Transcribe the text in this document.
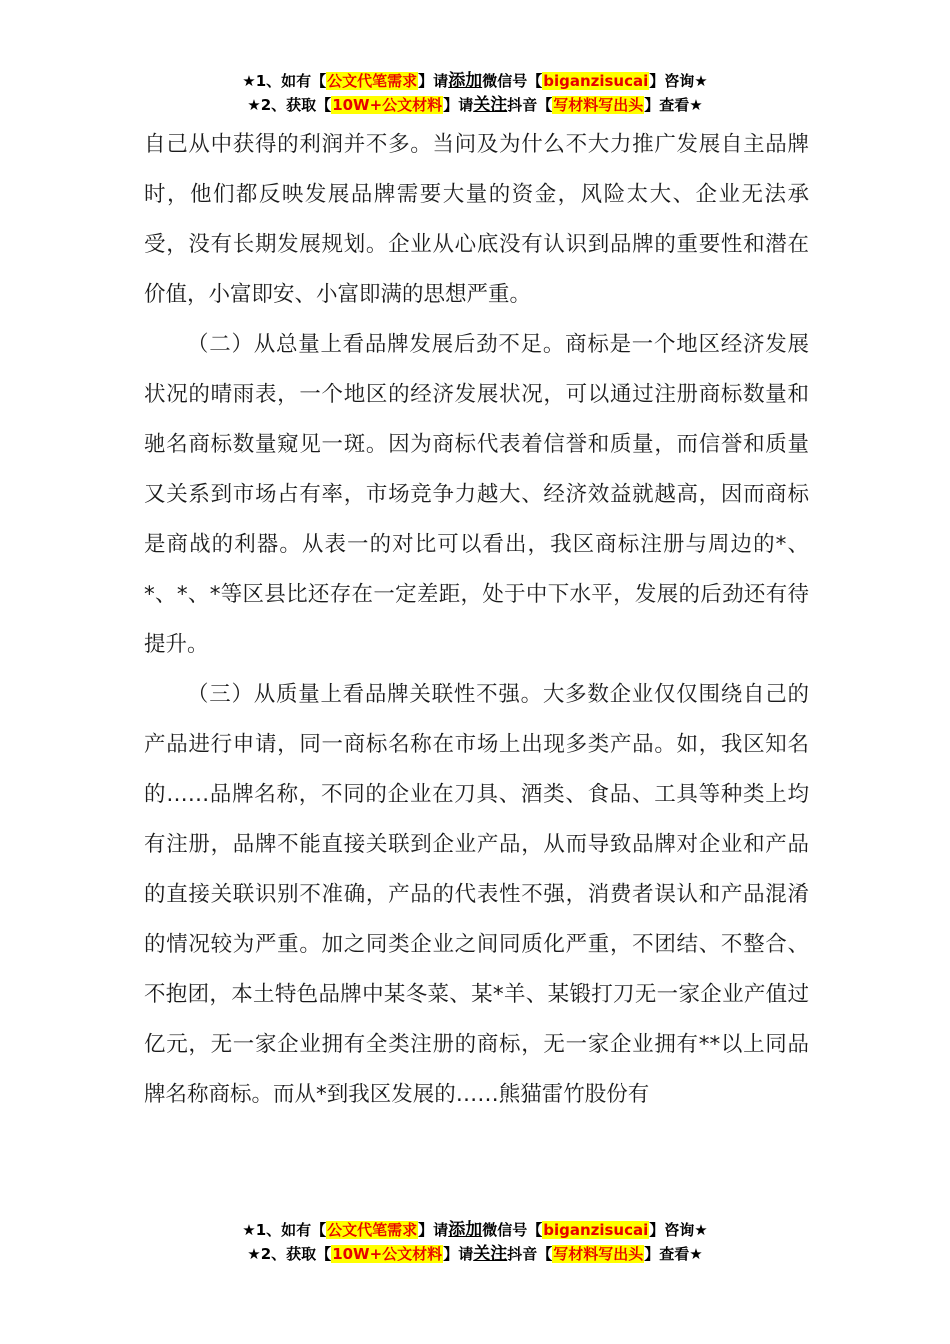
★1、如有【公文代笔需求】请添加微信号【biganzisucai】咨询★
★2、获取【10W+公文材料】请关注抖音【写材料写出头】查看★

自己从中获得的利润并不多。当问及为什么不大力推广发展自主品牌时，他们都反映发展品牌需要大量的资金，风险太大、企业无法承受，没有长期发展规划。企业从心底没有认识到品牌的重要性和潜在价值，小富即安、小富即满的思想严重。

（二）从总量上看品牌发展后劲不足。商标是一个地区经济发展状况的晴雨表，一个地区的经济发展状况，可以通过注册商标数量和驰名商标数量窥见一斑。因为商标代表着信誉和质量，而信誉和质量又关系到市场占有率，市场竞争力越大、经济效益就越高，因而商标是商战的利器。从表一的对比可以看出，我区商标注册与周边的*、*、*、*等区县比还存在一定差距，处于中下水平，发展的后劲还有待提升。

（三）从质量上看品牌关联性不强。大多数企业仅仅围绕自己的产品进行申请，同一商标名称在市场上出现多类产品。如，我区知名的……品牌名称，不同的企业在刀具、酒类、食品、工具等种类上均有注册，品牌不能直接关联到企业产品，从而导致品牌对企业和产品的直接关联识别不准确，产品的代表性不强，消费者误认和产品混淆的情况较为严重。加之同类企业之间同质化严重，不团结、不整合、不抱团，本土特色品牌中某冬菜、某*羊、某锻打刀无一家企业产值过亿元，无一家企业拥有全类注册的商标，无一家企业拥有**以上同品牌名称商标。而从*到我区发展的……熊猫雷竹股份有

★1、如有【公文代笔需求】请添加微信号【biganzisucai】咨询★
★2、获取【10W+公文材料】请关注抖音【写材料写出头】查看★
